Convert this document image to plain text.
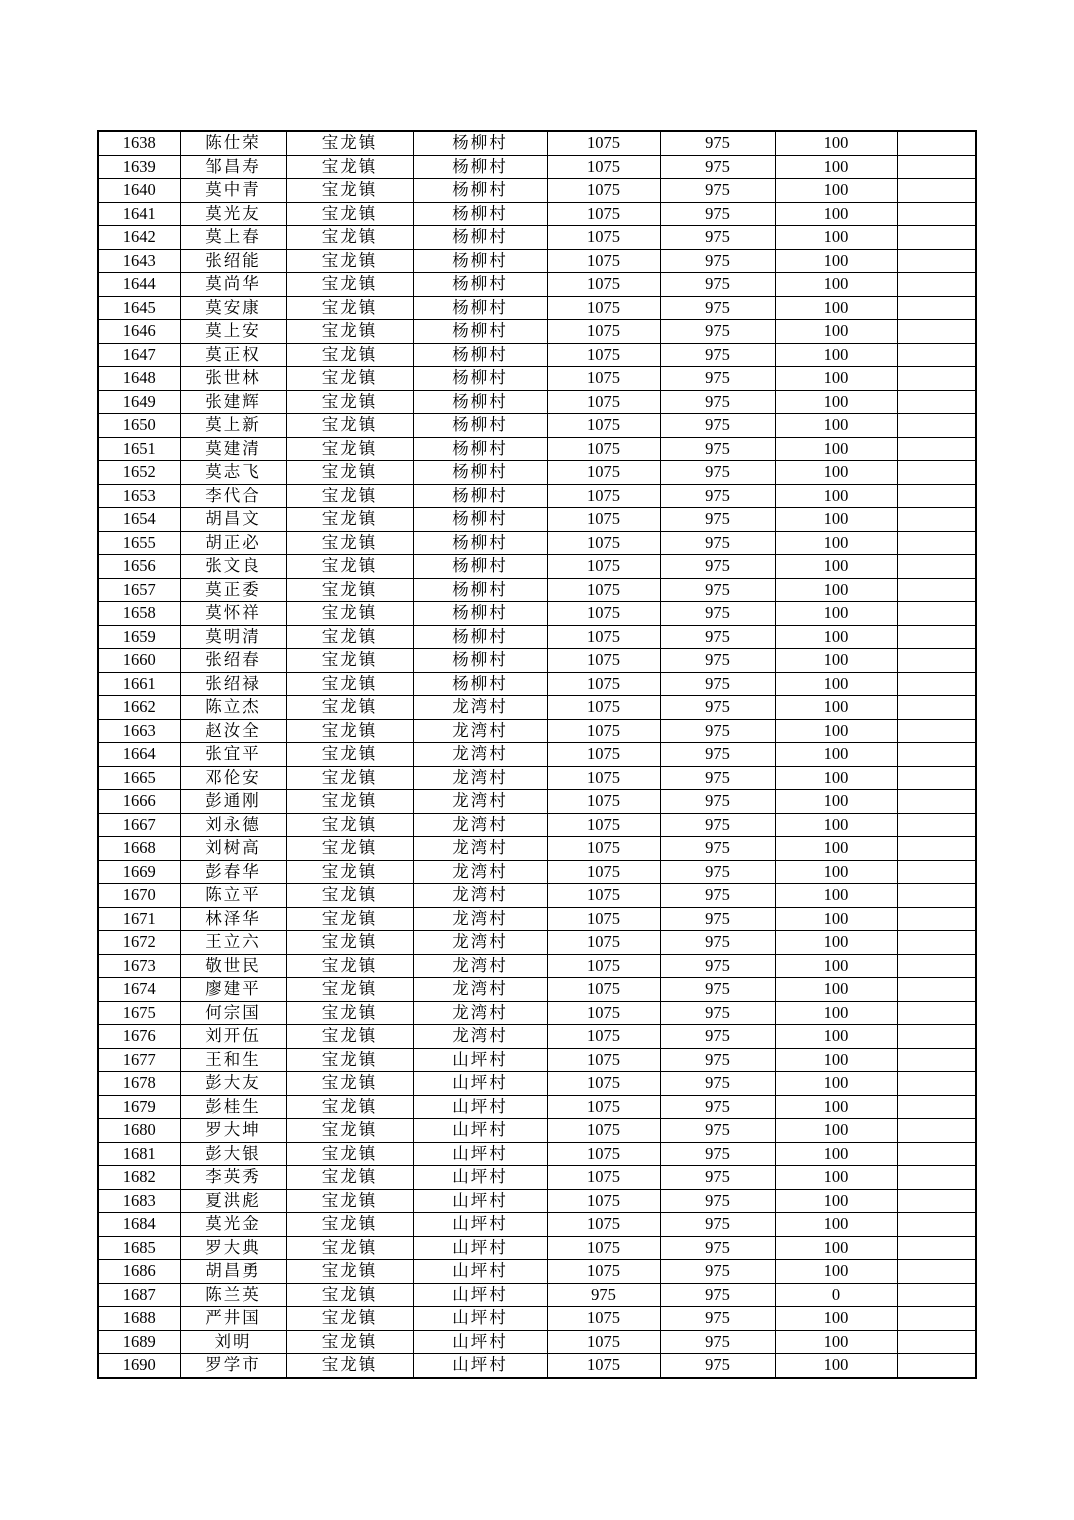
1638	陈仕荣	宝龙镇	杨柳村	1075	975	100	
1639	邹昌寿	宝龙镇	杨柳村	1075	975	100	
1640	莫中青	宝龙镇	杨柳村	1075	975	100	
1641	莫光友	宝龙镇	杨柳村	1075	975	100	
1642	莫上春	宝龙镇	杨柳村	1075	975	100	
1643	张绍能	宝龙镇	杨柳村	1075	975	100	
1644	莫尚华	宝龙镇	杨柳村	1075	975	100	
1645	莫安康	宝龙镇	杨柳村	1075	975	100	
1646	莫上安	宝龙镇	杨柳村	1075	975	100	
1647	莫正权	宝龙镇	杨柳村	1075	975	100	
1648	张世林	宝龙镇	杨柳村	1075	975	100	
1649	张建辉	宝龙镇	杨柳村	1075	975	100	
1650	莫上新	宝龙镇	杨柳村	1075	975	100	
1651	莫建清	宝龙镇	杨柳村	1075	975	100	
1652	莫志飞	宝龙镇	杨柳村	1075	975	100	
1653	李代合	宝龙镇	杨柳村	1075	975	100	
1654	胡昌文	宝龙镇	杨柳村	1075	975	100	
1655	胡正必	宝龙镇	杨柳村	1075	975	100	
1656	张文良	宝龙镇	杨柳村	1075	975	100	
1657	莫正委	宝龙镇	杨柳村	1075	975	100	
1658	莫怀祥	宝龙镇	杨柳村	1075	975	100	
1659	莫明清	宝龙镇	杨柳村	1075	975	100	
1660	张绍春	宝龙镇	杨柳村	1075	975	100	
1661	张绍禄	宝龙镇	杨柳村	1075	975	100	
1662	陈立杰	宝龙镇	龙湾村	1075	975	100	
1663	赵汝全	宝龙镇	龙湾村	1075	975	100	
1664	张宜平	宝龙镇	龙湾村	1075	975	100	
1665	邓伦安	宝龙镇	龙湾村	1075	975	100	
1666	彭通刚	宝龙镇	龙湾村	1075	975	100	
1667	刘永德	宝龙镇	龙湾村	1075	975	100	
1668	刘树高	宝龙镇	龙湾村	1075	975	100	
1669	彭春华	宝龙镇	龙湾村	1075	975	100	
1670	陈立平	宝龙镇	龙湾村	1075	975	100	
1671	林泽华	宝龙镇	龙湾村	1075	975	100	
1672	王立六	宝龙镇	龙湾村	1075	975	100	
1673	敬世民	宝龙镇	龙湾村	1075	975	100	
1674	廖建平	宝龙镇	龙湾村	1075	975	100	
1675	何宗国	宝龙镇	龙湾村	1075	975	100	
1676	刘开伍	宝龙镇	龙湾村	1075	975	100	
1677	王和生	宝龙镇	山坪村	1075	975	100	
1678	彭大友	宝龙镇	山坪村	1075	975	100	
1679	彭桂生	宝龙镇	山坪村	1075	975	100	
1680	罗大坤	宝龙镇	山坪村	1075	975	100	
1681	彭大银	宝龙镇	山坪村	1075	975	100	
1682	李英秀	宝龙镇	山坪村	1075	975	100	
1683	夏洪彪	宝龙镇	山坪村	1075	975	100	
1684	莫光金	宝龙镇	山坪村	1075	975	100	
1685	罗大典	宝龙镇	山坪村	1075	975	100	
1686	胡昌勇	宝龙镇	山坪村	1075	975	100	
1687	陈兰英	宝龙镇	山坪村	975	975	0	
1688	严井国	宝龙镇	山坪村	1075	975	100	
1689	刘明	宝龙镇	山坪村	1075	975	100	
1690	罗学市	宝龙镇	山坪村	1075	975	100	
